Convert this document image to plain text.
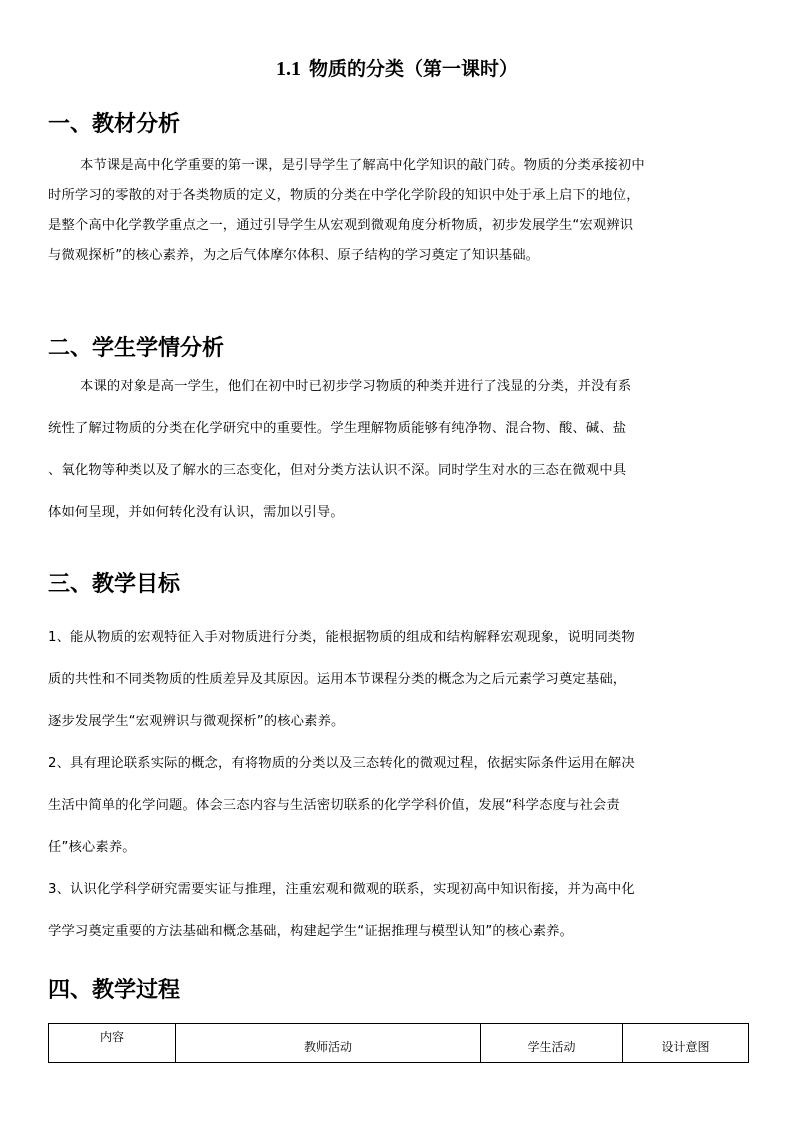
1.1 物质的分类（第一课时）
一、教材分析
本节课是高中化学重要的第一课，是引导学生了解高中化学知识的敲门砖。物质的分类承接初中
时所学习的零散的对于各类物质的定义，物质的分类在中学化学阶段的知识中处于承上启下的地位，
是整个高中化学教学重点之一，通过引导学生从宏观到微观角度分析物质，初步发展学生“宏观辨识
与微观探析”的核心素养，为之后气体摩尔体积、原子结构的学习奠定了知识基础。
二、学生学情分析
本课的对象是高一学生，他们在初中时已初步学习物质的种类并进行了浅显的分类，并没有系
统性了解过物质的分类在化学研究中的重要性。学生理解物质能够有纯净物、混合物、酸、碱、盐
、氧化物等种类以及了解水的三态变化，但对分类方法认识不深。同时学生对水的三态在微观中具
体如何呈现，并如何转化没有认识，需加以引导。
三、教学目标
1、能从物质的宏观特征入手对物质进行分类，能根据物质的组成和结构解释宏观现象，说明同类物
质的共性和不同类物质的性质差异及其原因。运用本节课程分类的概念为之后元素学习奠定基础，
逐步发展学生“宏观辨识与微观探析”的核心素养。
2、具有理论联系实际的概念，有将物质的分类以及三态转化的微观过程，依据实际条件运用在解决
生活中简单的化学问题。体会三态内容与生活密切联系的化学学科价值，发展“科学态度与社会责
任”核心素养。
3、认识化学科学研究需要实证与推理，注重宏观和微观的联系，实现初高中知识衔接，并为高中化
学学习奠定重要的方法基础和概念基础，构建起学生“证据推理与模型认知”的核心素养。
四、教学过程
内容	教师活动	学生活动	设计意图
